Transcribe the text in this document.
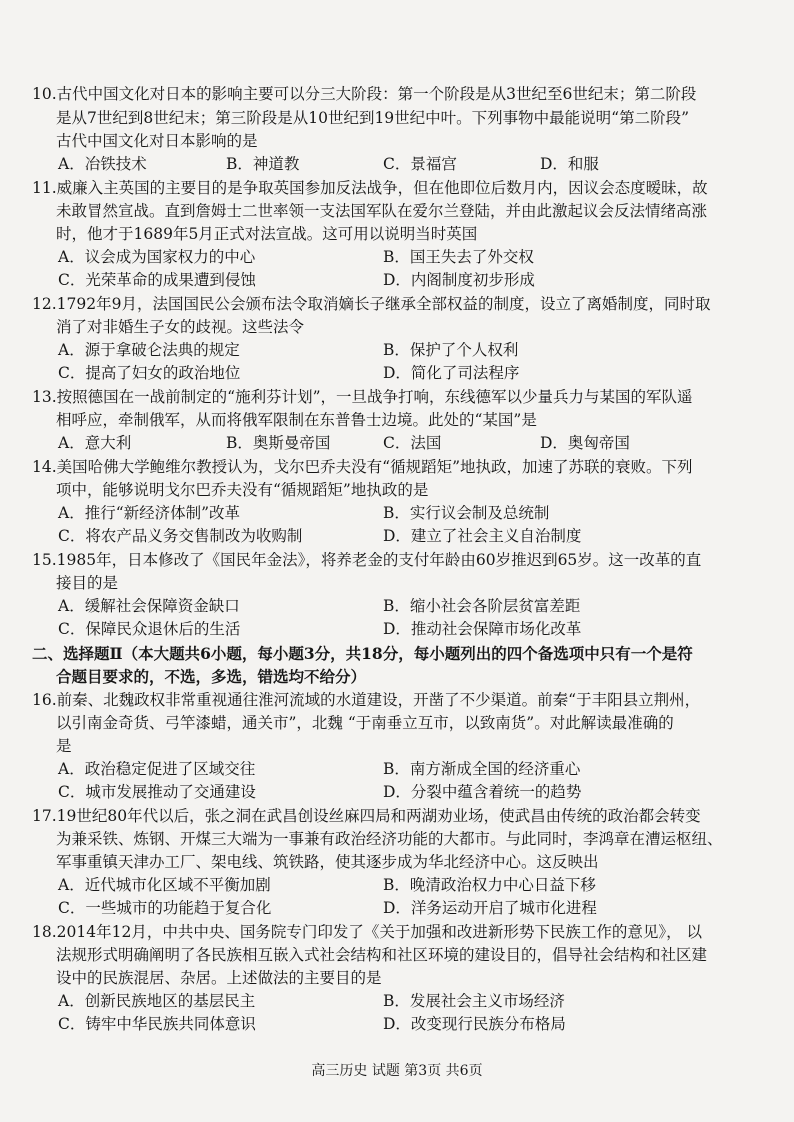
10.古代中国文化对日本的影响主要可以分三大阶段：第一个阶段是从3世纪至6世纪末；第二阶段
是从7世纪到8世纪末；第三阶段是从10世纪到19世纪中叶。下列事物中最能说明“第二阶段”
古代中国文化对日本影响的是
A．冶铁技术	B．神道教	C．景福宫	D．和服
11.威廉入主英国的主要目的是争取英国参加反法战争，但在他即位后数月内，因议会态度暧昧，故
未敢冒然宣战。直到詹姆士二世率领一支法国军队在爱尔兰登陆，并由此激起议会反法情绪高涨
时，他才于1689年5月正式对法宣战。这可用以说明当时英国
A．议会成为国家权力的中心	B．国王失去了外交权
C．光荣革命的成果遭到侵蚀	D．内阁制度初步形成
12.1792年9月，法国国民公会颁布法令取消嫡长子继承全部权益的制度，设立了离婚制度，同时取
消了对非婚生子女的歧视。这些法令
A．源于拿破仑法典的规定	B．保护了个人权利
C．提高了妇女的政治地位	D．简化了司法程序
13.按照德国在一战前制定的“施利芬计划”，一旦战争打响，东线德军以少量兵力与某国的军队遥
相呼应，牵制俄军，从而将俄军限制在东普鲁士边境。此处的“某国”是
A．意大利	B．奥斯曼帝国	C．法国	D．奥匈帝国
14.美国哈佛大学鲍维尔教授认为，戈尔巴乔夫没有“循规蹈矩”地执政，加速了苏联的衰败。下列
项中，能够说明戈尔巴乔夫没有“循规蹈矩”地执政的是
A．推行“新经济体制”改革	B．实行议会制及总统制
C．将农产品义务交售制改为收购制	D．建立了社会主义自治制度
15.1985年，日本修改了《国民年金法》，将养老金的支付年龄由60岁推迟到65岁。这一改革的直
接目的是
A．缓解社会保障资金缺口	B．缩小社会各阶层贫富差距
C．保障民众退休后的生活	D．推动社会保障市场化改革
二、选择题Ⅱ（本大题共6小题，每小题3分，共18分，每小题列出的四个备选项中只有一个是符
合题目要求的，不选，多选，错选均不给分）
16.前秦、北魏政权非常重视通往淮河流域的水道建设，开凿了不少渠道。前秦“于丰阳县立荆州，
以引南金奇货、弓竿漆蜡，通关市”，北魏 “于南垂立互市，以致南货”。对此解读最准确的
是
A．政治稳定促进了区域交往	B．南方渐成全国的经济重心
C．城市发展推动了交通建设	D．分裂中蕴含着统一的趋势
17.19世纪80年代以后，张之洞在武昌创设丝麻四局和两湖劝业场，使武昌由传统的政治都会转变
为兼采铁、炼钢、开煤三大端为一事兼有政治经济功能的大都市。与此同时，李鸿章在漕运枢纽、
军事重镇天津办工厂、架电线、筑铁路，使其逐步成为华北经济中心。这反映出
A．近代城市化区域不平衡加剧	B．晚清政治权力中心日益下移
C．一些城市的功能趋于复合化	D．洋务运动开启了城市化进程
18.2014年12月，中共中央、国务院专门印发了《关于加强和改进新形势下民族工作的意见》， 以
法规形式明确阐明了各民族相互嵌入式社会结构和社区环境的建设目的，倡导社会结构和社区建
设中的民族混居、杂居。上述做法的主要目的是
A．创新民族地区的基层民主	B．发展社会主义市场经济
C．铸牢中华民族共同体意识	D．改变现行民族分布格局
高三历史 试题 第3页 共6页
